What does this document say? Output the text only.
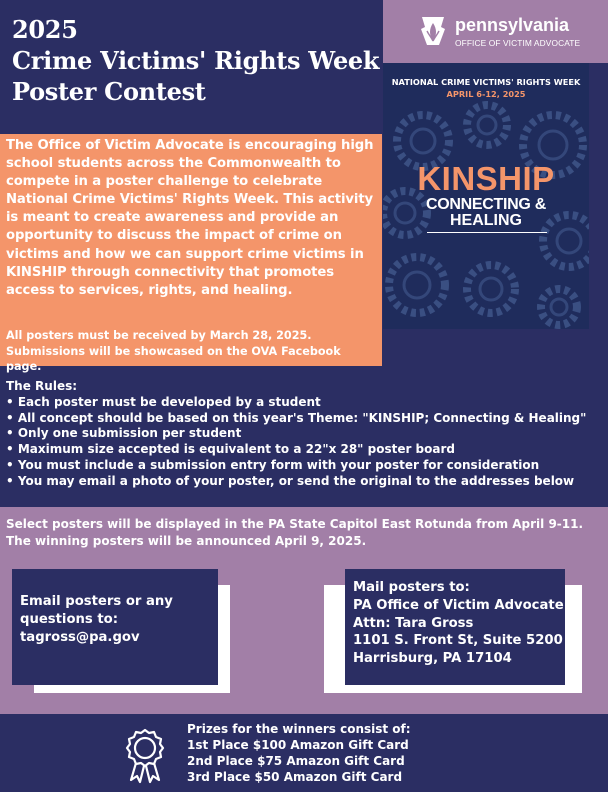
2025
Crime Victims' Rights Week
Poster Contest
pennsylvania
OFFICE OF VICTIM ADVOCATE
NATIONAL CRIME VICTIMS' RIGHTS WEEK
APRIL 6-12, 2025
KINSHIP
CONNECTING &
HEALING
The Office of Victim Advocate is encouraging high school students across the Commonwealth to compete in a poster challenge to celebrate National Crime Victims' Rights Week. This activity is meant to create awareness and provide an opportunity to discuss the impact of crime on victims and how we can support crime victims in KINSHIP through connectivity that promotes access to services, rights, and healing.
All posters must be received by March 28, 2025. Submissions will be showcased on the OVA Facebook page.
The Rules:
• Each poster must be developed by a student
• All concept should be based on this year's Theme: "KINSHIP; Connecting & Healing"
• Only one submission per student
• Maximum size accepted is equivalent to a 22"x 28" poster board
• You must include a submission entry form with your poster for consideration
• You may email a photo of your poster, or send the original to the addresses below
Select posters will be displayed in the PA State Capitol East Rotunda from April 9-11.
The winning posters will be announced April 9, 2025.
Email posters or any
questions to:
tagross@pa.gov
Mail posters to:
PA Office of Victim Advocate
Attn: Tara Gross
1101 S. Front St, Suite 5200
Harrisburg, PA 17104
Prizes for the winners consist of:
1st Place $100 Amazon Gift Card
2nd Place $75 Amazon Gift Card
3rd Place $50 Amazon Gift Card
